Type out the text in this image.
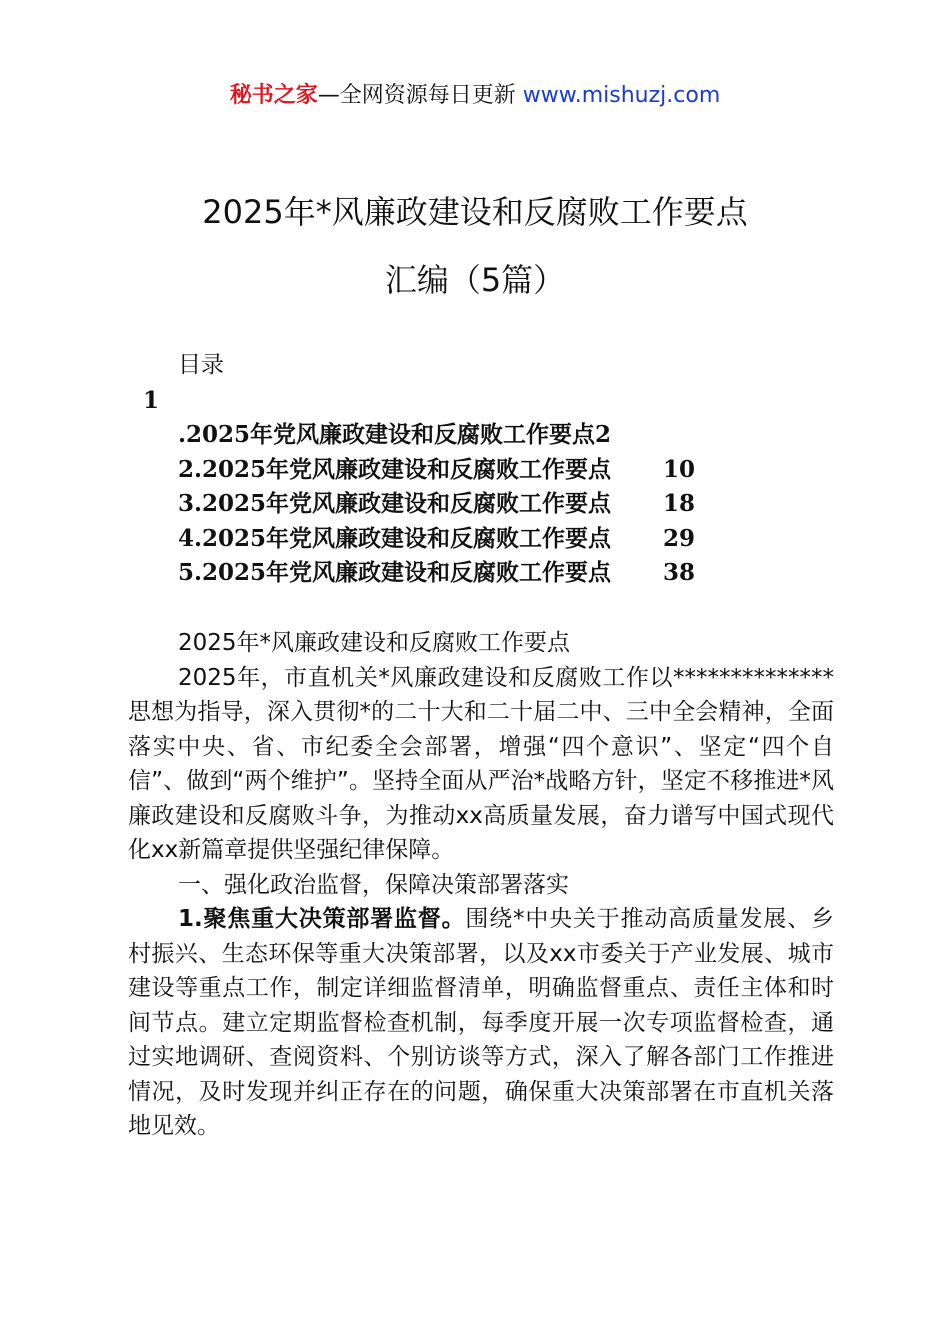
秘书之家—全网资源每日更新 www.mishuzj.com
2025年*风廉政建设和反腐败工作要点
汇编（5篇）
目录
1
.2025年党风廉政建设和反腐败工作要点2
2.2025年党风廉政建设和反腐败工作要点 10
3.2025年党风廉政建设和反腐败工作要点 18
4.2025年党风廉政建设和反腐败工作要点 29
5.2025年党风廉政建设和反腐败工作要点 38

2025年*风廉政建设和反腐败工作要点

2025年，市直机关*风廉政建设和反腐败工作以**************思想为指导，深入贯彻*的二十大和二十届二中、三中全会精神，全面落实中央、省、市纪委全会部署，增强“四个意识”、坚定“四个自信”、做到“两个维护”。坚持全面从严治*战略方针，坚定不移推进*风廉政建设和反腐败斗争，为推动xx高质量发展，奋力谱写中国式现代化xx新篇章提供坚强纪律保障。

一、强化政治监督，保障决策部署落实

1.聚焦重大决策部署监督。围绕*中央关于推动高质量发展、乡村振兴、生态环保等重大决策部署，以及xx市委关于产业发展、城市建设等重点工作，制定详细监督清单，明确监督重点、责任主体和时间节点。建立定期监督检查机制，每季度开展一次专项监督检查，通过实地调研、查阅资料、个别访谈等方式，深入了解各部门工作推进情况，及时发现并纠正存在的问题，确保重大决策部署在市直机关落地见效。
